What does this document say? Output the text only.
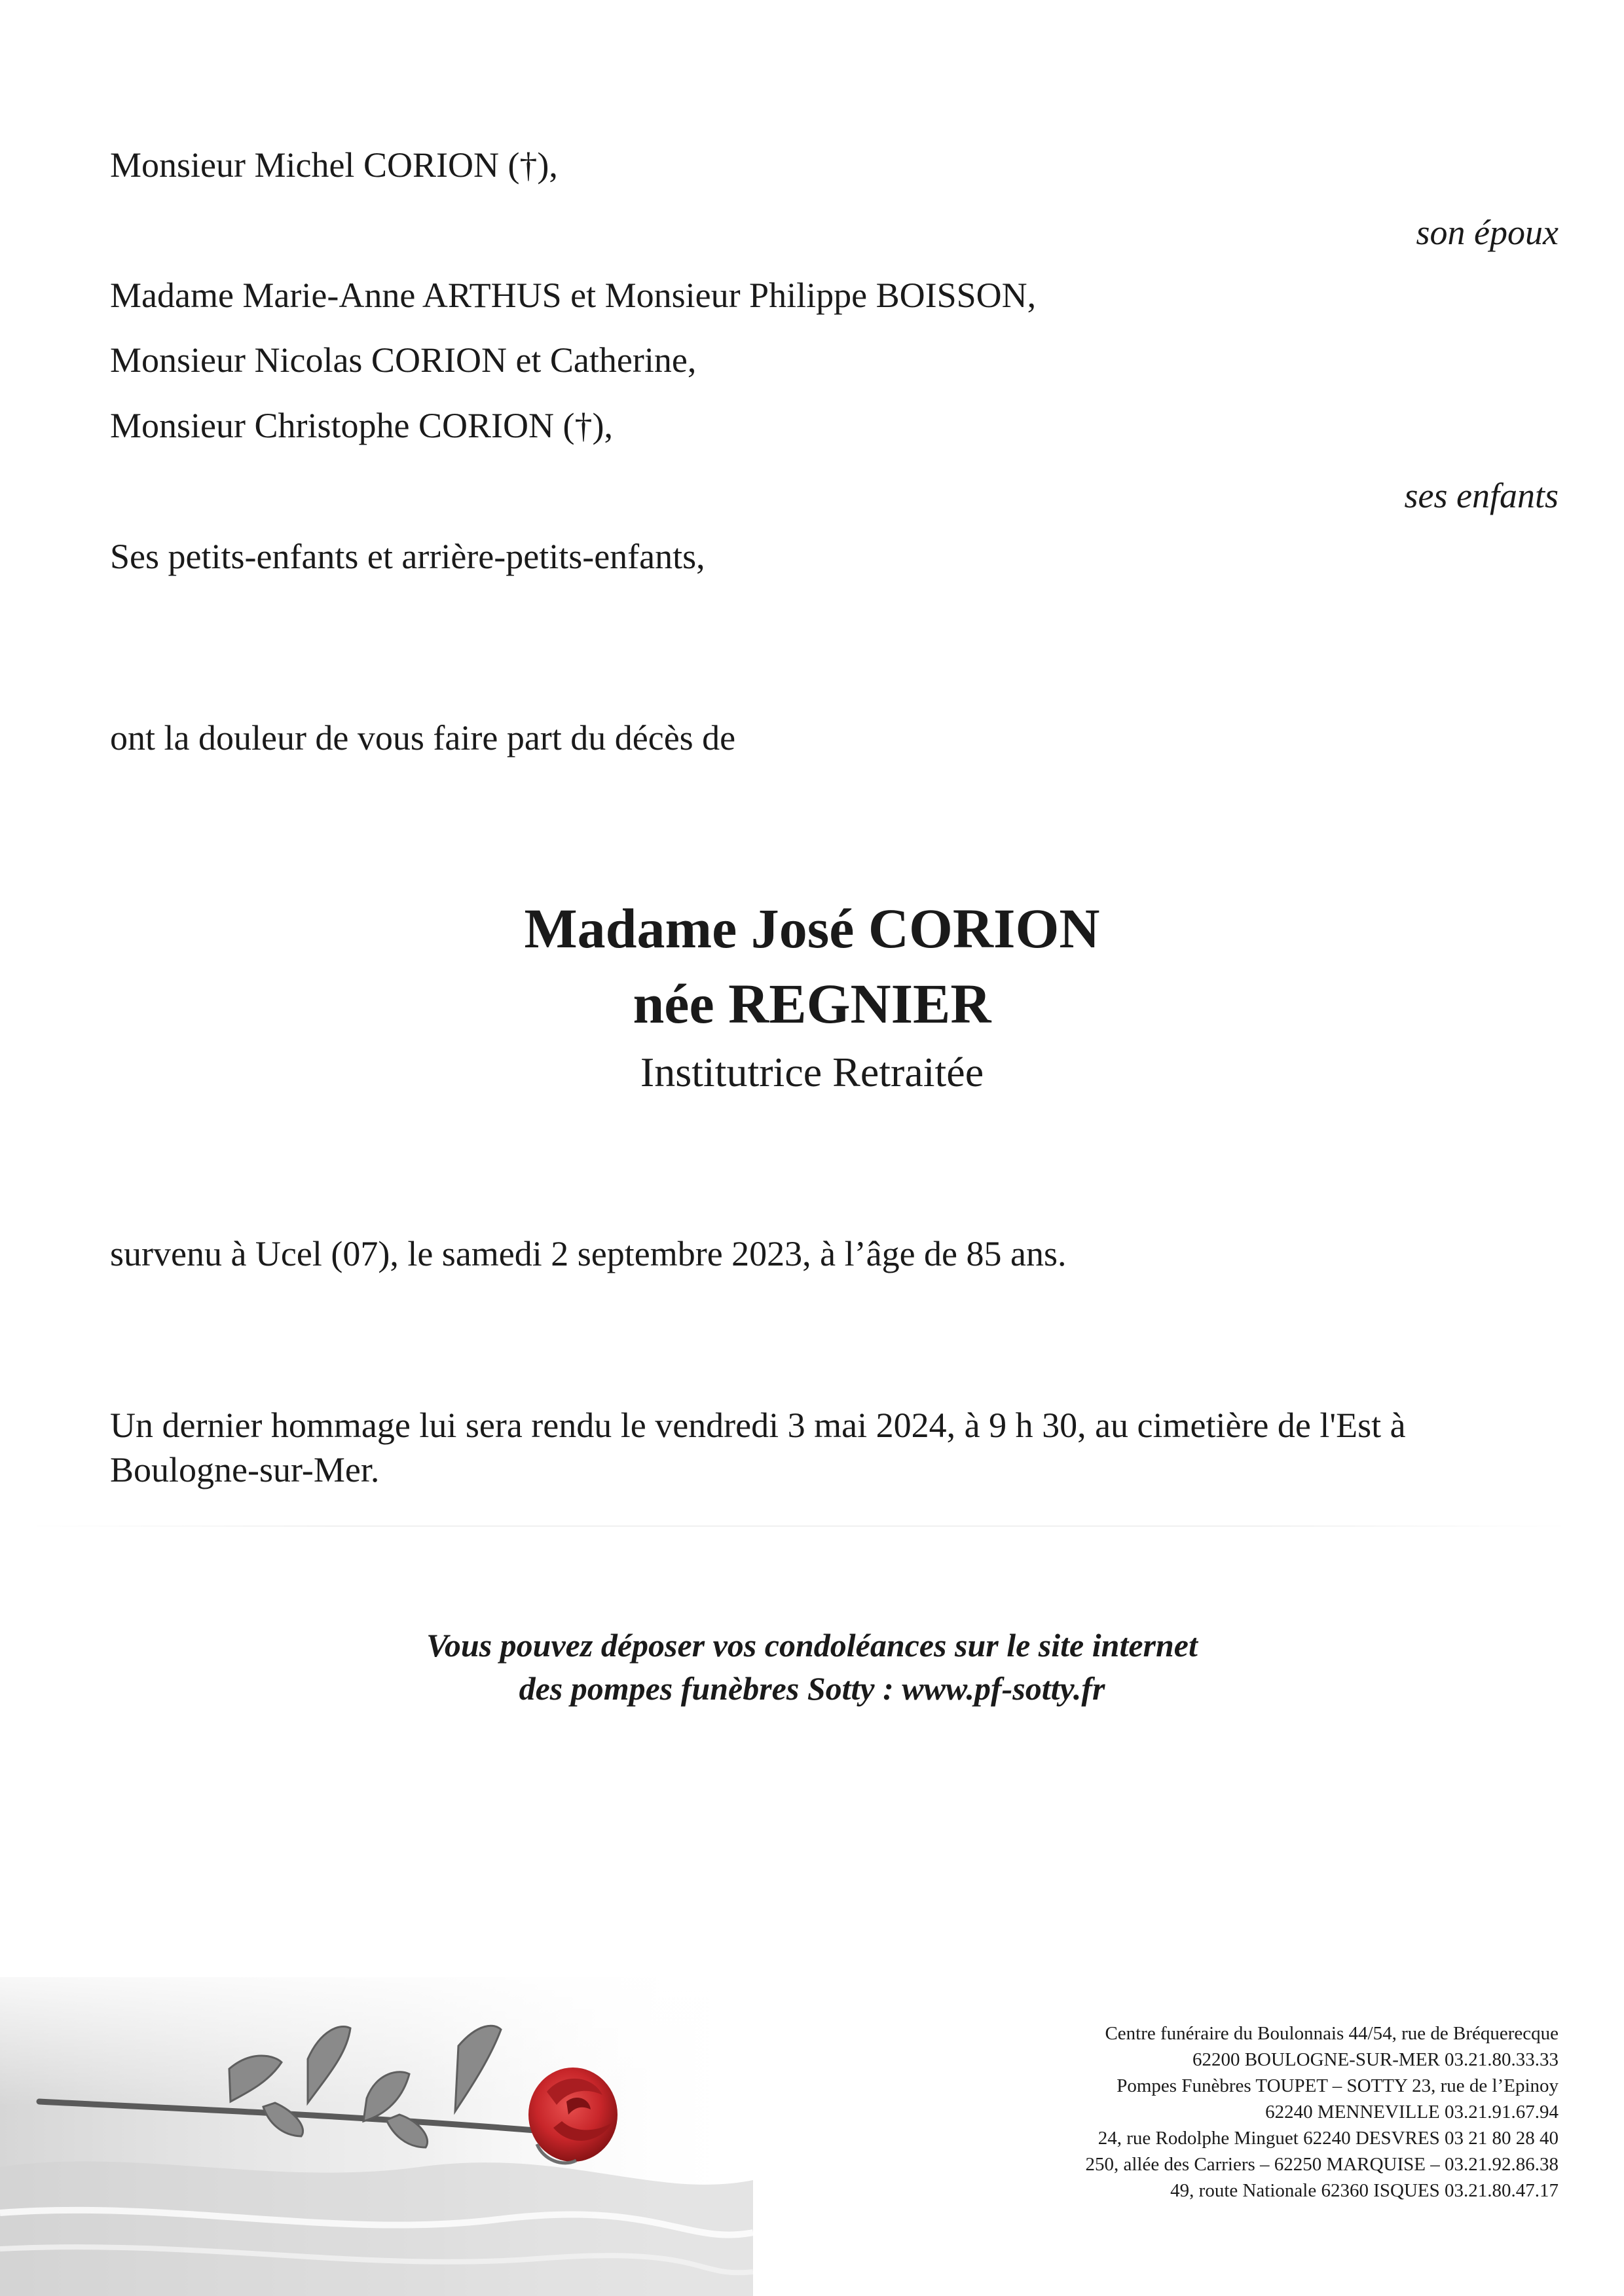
Monsieur Michel CORION (†),
son époux
Madame Marie-Anne ARTHUS et Monsieur Philippe BOISSON,
Monsieur Nicolas CORION et Catherine,
Monsieur Christophe CORION (†),
ses enfants
Ses petits-enfants et arrière-petits-enfants,
ont la douleur de vous faire part du décès de
Madame José CORION
née REGNIER
Institutrice Retraitée
survenu à Ucel (07), le samedi 2 septembre 2023, à l’âge de 85 ans.
Un dernier hommage lui sera rendu le vendredi 3 mai 2024, à 9 h 30, au cimetière de l'Est à
Boulogne-sur-Mer.
Vous pouvez déposer vos condoléances sur le site internet
des pompes funèbres Sotty : www.pf-sotty.fr
Centre funéraire du Boulonnais 44/54, rue de Bréquerecque
62200 BOULOGNE-SUR-MER 03.21.80.33.33
Pompes Funèbres TOUPET – SOTTY 23, rue de l’Epinoy
62240 MENNEVILLE 03.21.91.67.94
24, rue Rodolphe Minguet 62240 DESVRES 03 21 80 28 40
250, allée des Carriers – 62250 MARQUISE – 03.21.92.86.38
49, route Nationale 62360 ISQUES 03.21.80.47.17
